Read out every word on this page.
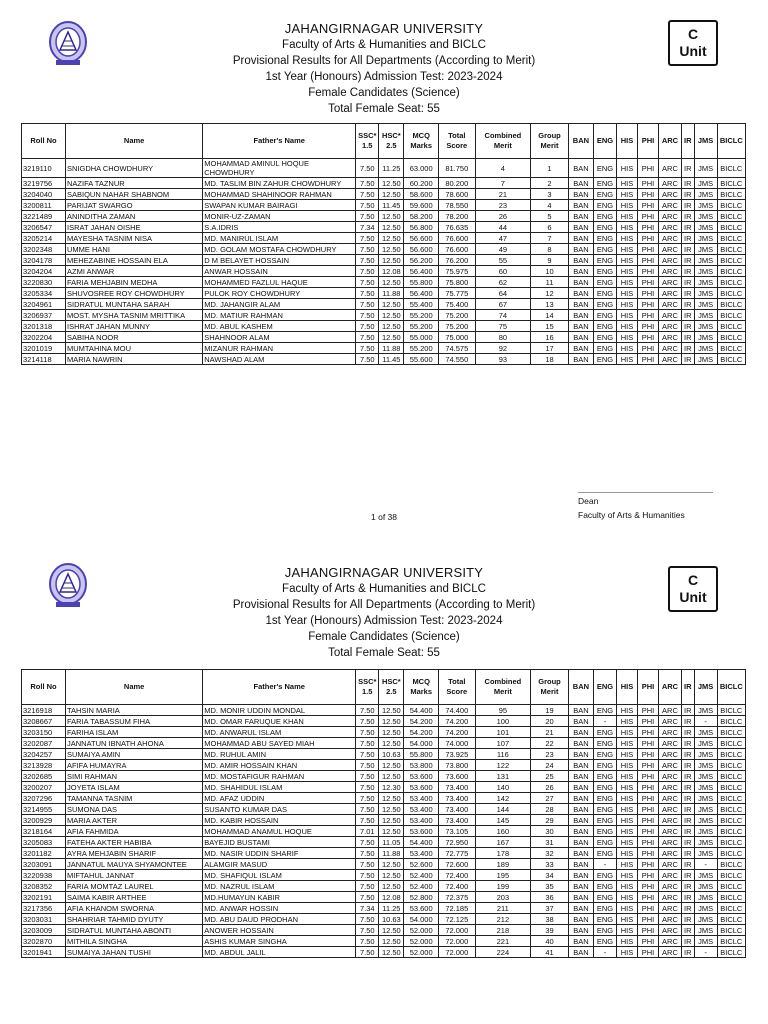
JAHANGIRNAGAR UNIVERSITY
Faculty of Arts & Humanities and BICLC
Provisional Results for All Departments (According to Merit)
1st Year (Honours) Admission Test: 2023-2024
Female Candidates (Science)
Total Female Seat: 55
C
Unit
Roll No	Name	Father's Name	SSC* 1.5	HSC* 2.5	MCQ Marks	Total Score	Combined Merit	Group Merit	BAN	ENG	HIS	PHI	ARC	IR	JMS	BICLC
3219110	SNIGDHA CHOWDHURY	MOHAMMAD AMINUL HOQUE CHOWDHURY	7.50	11.25	63.000	81.750	4	1	BAN	ENG	HIS	PHI	ARC	IR	JMS	BICLC
3219756	NAZIFA TAZNUR	MD. TASLIM BIN ZAHUR CHOWDHURY	7.50	12.50	60.200	80.200	7	2	BAN	ENG	HIS	PHI	ARC	IR	JMS	BICLC
3204040	SABIQUN NAHAR SHABNOM	MOHAMMAD SHAHINOOR RAHMAN	7.50	12.50	58.600	78.600	21	3	BAN	ENG	HIS	PHI	ARC	IR	JMS	BICLC
3200811	PARIJAT SWARGO	SWAPAN KUMAR BAIRAGI	7.50	11.45	59.600	78.550	23	4	BAN	ENG	HIS	PHI	ARC	IR	JMS	BICLC
3221489	ANINDITHA ZAMAN	MONIR-UZ-ZAMAN	7.50	12.50	58.200	78.200	26	5	BAN	ENG	HIS	PHI	ARC	IR	JMS	BICLC
3206547	ISRAT JAHAN OISHE	S.A.IDRIS	7.34	12.50	56.800	76.635	44	6	BAN	ENG	HIS	PHI	ARC	IR	JMS	BICLC
3205214	MAYESHA TASNIM NISA	MD. MANIRUL ISLAM	7.50	12.50	56.600	76.600	47	7	BAN	ENG	HIS	PHI	ARC	IR	JMS	BICLC
3202348	UMME HANI	MD. GOLAM MOSTAFA CHOWDHURY	7.50	12.50	56.600	76.600	49	8	BAN	ENG	HIS	PHI	ARC	IR	JMS	BICLC
3204178	MEHEZABINE HOSSAIN ELA	D M BELAYET HOSSAIN	7.50	12.50	56.200	76.200	55	9	BAN	ENG	HIS	PHI	ARC	IR	JMS	BICLC
3204204	AZMI ANWAR	ANWAR HOSSAIN	7.50	12.08	56.400	75.975	60	10	BAN	ENG	HIS	PHI	ARC	IR	JMS	BICLC
3220830	FARIA MEHJABIN MEDHA	MOHAMMED FAZLUL HAQUE	7.50	12.50	55.800	75.800	62	11	BAN	ENG	HIS	PHI	ARC	IR	JMS	BICLC
3205334	SHUVOSREE ROY CHOWDHURY	PULOK ROY CHOWDHURY	7.50	11.88	56.400	75.775	64	12	BAN	ENG	HIS	PHI	ARC	IR	JMS	BICLC
3204961	SIDRATUL MUNTAHA SARAH	MD. JAHANGIR ALAM	7.50	12.50	55.400	75.400	67	13	BAN	ENG	HIS	PHI	ARC	IR	JMS	BICLC
3206937	MOST. MYSHA TASNIM MRITTIKA	MD. MATIUR RAHMAN	7.50	12.50	55.200	75.200	74	14	BAN	ENG	HIS	PHI	ARC	IR	JMS	BICLC
3201318	ISHRAT JAHAN MUNNY	MD. ABUL KASHEM	7.50	12.50	55.200	75.200	75	15	BAN	ENG	HIS	PHI	ARC	IR	JMS	BICLC
3202204	SABIHA NOOR	SHAHNOOR ALAM	7.50	12.50	55.000	75.000	80	16	BAN	ENG	HIS	PHI	ARC	IR	JMS	BICLC
3201019	MUMTAHINA MOU	MIZANUR RAHMAN	7.50	11.88	55.200	74.575	92	17	BAN	ENG	HIS	PHI	ARC	IR	JMS	BICLC
3214118	MARIA NAWRIN	NAWSHAD ALAM	7.50	11.45	55.600	74.550	93	18	BAN	ENG	HIS	PHI	ARC	IR	JMS	BICLC
Dean
Faculty of Arts & Humanities
1 of 38
JAHANGIRNAGAR UNIVERSITY
Faculty of Arts & Humanities and BICLC
Provisional Results for All Departments (According to Merit)
1st Year (Honours) Admission Test: 2023-2024
Female Candidates (Science)
Total Female Seat: 55
C
Unit
Roll No	Name	Father's Name	SSC* 1.5	HSC* 2.5	MCQ Marks	Total Score	Combined Merit	Group Merit	BAN	ENG	HIS	PHI	ARC	IR	JMS	BICLC
3216918	TAHSIN MARIA	MD. MONIR UDDIN MONDAL	7.50	12.50	54.400	74.400	95	19	BAN	ENG	HIS	PHI	ARC	IR	JMS	BICLC
3208667	FARIA TABASSUM FIHA	MD. OMAR FARUQUE KHAN	7.50	12.50	54.200	74.200	100	20	BAN	-	HIS	PHI	ARC	IR	-	BICLC
3203150	FARIHA ISLAM	MD. ANWARUL ISLAM	7.50	12.50	54.200	74.200	101	21	BAN	ENG	HIS	PHI	ARC	IR	JMS	BICLC
3202087	JANNATUN IBNATH AHONA	MOHAMMAD ABU SAYED MIAH	7.50	12.50	54.000	74.000	107	22	BAN	ENG	HIS	PHI	ARC	IR	JMS	BICLC
3204257	SUMAIYA AMIN	MD. RUHUL AMIN	7.50	10.63	55.800	73.925	116	23	BAN	ENG	HIS	PHI	ARC	IR	JMS	BICLC
3213928	AFIFA HUMAYRA	MD. AMIR HOSSAIN KHAN	7.50	12.50	53.800	73.800	122	24	BAN	ENG	HIS	PHI	ARC	IR	JMS	BICLC
3202685	SIMI RAHMAN	MD. MOSTAFIGUR RAHMAN	7.50	12.50	53.600	73.600	131	25	BAN	ENG	HIS	PHI	ARC	IR	JMS	BICLC
3200207	JOYETA ISLAM	MD. SHAHIDUL ISLAM	7.50	12.30	53.600	73.400	140	26	BAN	ENG	HIS	PHI	ARC	IR	JMS	BICLC
3207296	TAMANNA TASNIM	MD. AFAZ UDDIN	7.50	12.50	53.400	73.400	142	27	BAN	ENG	HIS	PHI	ARC	IR	JMS	BICLC
3214955	SUMONA DAS	SUSANTO KUMAR DAS	7.50	12.50	53.400	73.400	144	28	BAN	ENG	HIS	PHI	ARC	IR	JMS	BICLC
3200929	MARIA AKTER	MD. KABIR HOSSAIN	7.50	12.50	53.400	73.400	145	29	BAN	ENG	HIS	PHI	ARC	IR	JMS	BICLC
3218164	AFIA FAHMIDA	MOHAMMAD ANAMUL HOQUE	7.01	12.50	53.600	73.105	160	30	BAN	ENG	HIS	PHI	ARC	IR	JMS	BICLC
3205083	FATEHA AKTER HABIBA	BAYEJID BUSTAMI	7.50	11.05	54.400	72.950	167	31	BAN	ENG	HIS	PHI	ARC	IR	JMS	BICLC
3201182	AYRA MEHJABIN SHARIF	MD. NASIR UDDIN SHARIF	7.50	11.88	53.400	72.775	178	32	BAN	ENG	HIS	PHI	ARC	IR	JMS	BICLC
3203091	JANNATUL MAUYA SHYAMONTEE	ALAMGIR MASUD	7.50	12.50	52.600	72.600	189	33	BAN	-	HIS	PHI	ARC	IR	-	BICLC
3220938	MIFTAHUL JANNAT	MD. SHAFIQUL ISLAM	7.50	12.50	52.400	72.400	195	34	BAN	ENG	HIS	PHI	ARC	IR	JMS	BICLC
3208352	FARIA MOMTAZ LAUREL	MD. NAZRUL ISLAM	7.50	12.50	52.400	72.400	199	35	BAN	ENG	HIS	PHI	ARC	IR	JMS	BICLC
3202191	SAIMA KABIR ARTHEE	MD.HUMAYUN KABIR	7.50	12.08	52.800	72.375	203	36	BAN	ENG	HIS	PHI	ARC	IR	JMS	BICLC
3217356	AFIA KHANOM SWORNA	MD. ANWAR HOSSIN	7.34	11.25	53.600	72.185	211	37	BAN	ENG	HIS	PHI	ARC	IR	JMS	BICLC
3203031	SHAHRIAR TAHMID DYUTY	MD. ABU DAUD PRODHAN	7.50	10.63	54.000	72.125	212	38	BAN	ENG	HIS	PHI	ARC	IR	JMS	BICLC
3203009	SIDRATUL MUNTAHA ABONTI	ANOWER HOSSAIN	7.50	12.50	52.000	72.000	218	39	BAN	ENG	HIS	PHI	ARC	IR	JMS	BICLC
3202870	MITHILA SINGHA	ASHIS KUMAR SINGHA	7.50	12.50	52.000	72.000	221	40	BAN	ENG	HIS	PHI	ARC	IR	JMS	BICLC
3201941	SUMAIYA JAHAN TUSHI	MD. ABDUL JALIL	7.50	12.50	52.000	72.000	224	41	BAN	-	HIS	PHI	ARC	IR	-	BICLC
